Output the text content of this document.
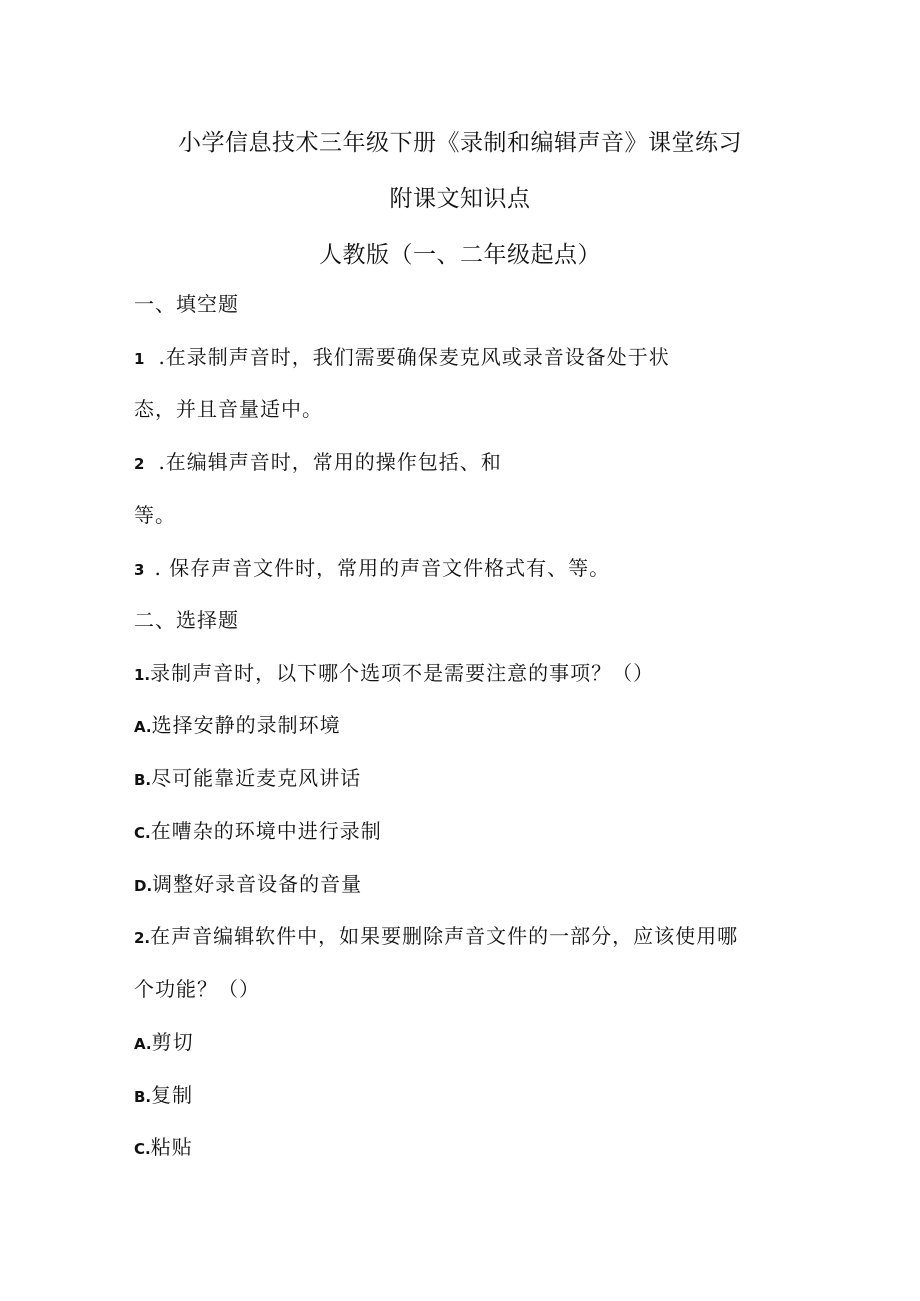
小学信息技术三年级下册《录制和编辑声音》课堂练习
附课文知识点
人教版（一、二年级起点）
一、填空题
1 .在录制声音时，我们需要确保麦克风或录音设备处于状
态，并且音量适中。
2 .在编辑声音时，常用的操作包括、和
等。
3 . 保存声音文件时，常用的声音文件格式有、等。
二、选择题
1.录制声音时，以下哪个选项不是需要注意的事项？（）
A.选择安静的录制环境
B.尽可能靠近麦克风讲话
C.在嘈杂的环境中进行录制
D.调整好录音设备的音量
2.在声音编辑软件中，如果要删除声音文件的一部分，应该使用哪
个功能？（）
A.剪切
B.复制
C.粘贴
